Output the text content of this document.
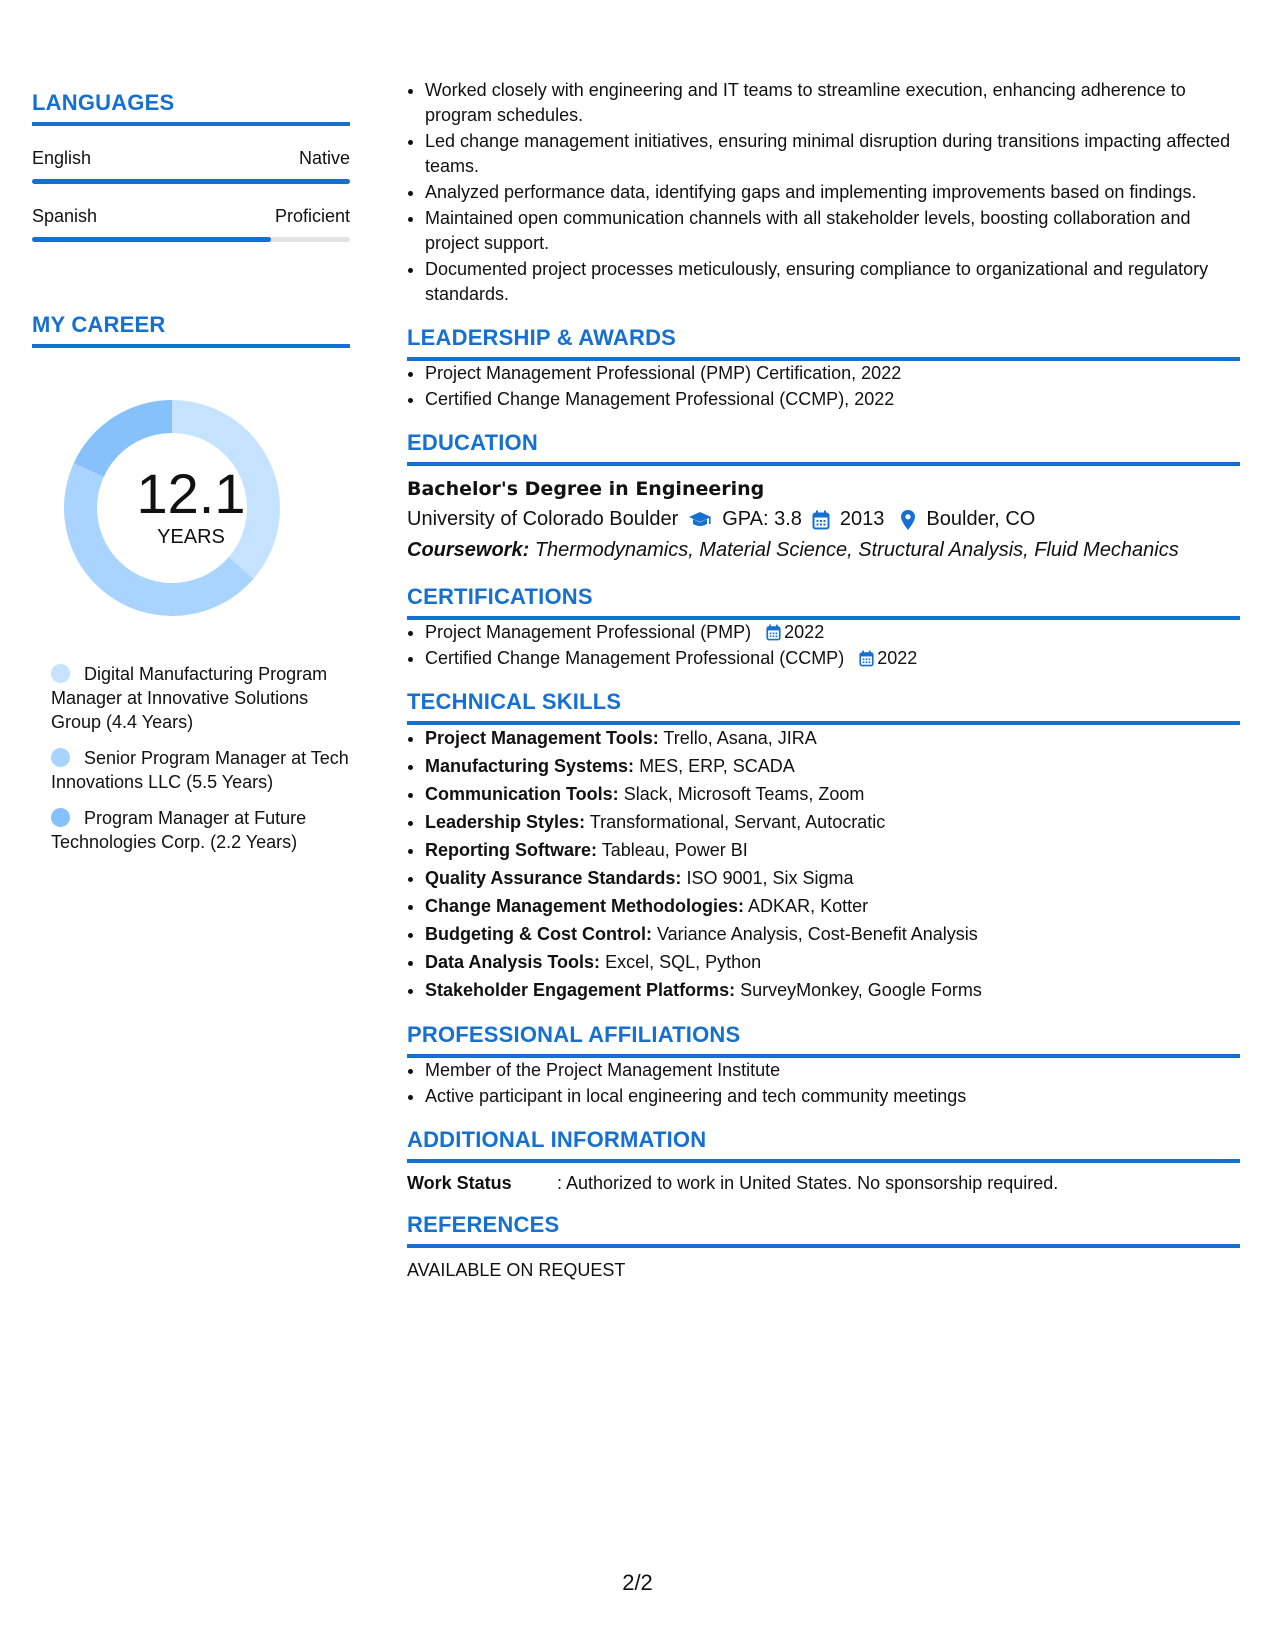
LANGUAGES
English	Native
Spanish	Proficient
MY CAREER
12.1
YEARS
Digital Manufacturing Program Manager at Innovative Solutions Group (4.4 Years)
Senior Program Manager at Tech Innovations LLC (5.5 Years)
Program Manager at Future Technologies Corp. (2.2 Years)
• Worked closely with engineering and IT teams to streamline execution, enhancing adherence to program schedules.
• Led change management initiatives, ensuring minimal disruption during transitions impacting affected teams.
• Analyzed performance data, identifying gaps and implementing improvements based on findings.
• Maintained open communication channels with all stakeholder levels, boosting collaboration and project support.
• Documented project processes meticulously, ensuring compliance to organizational and regulatory standards.
LEADERSHIP & AWARDS
• Project Management Professional (PMP) Certification, 2022
• Certified Change Management Professional (CCMP), 2022
EDUCATION
Bachelor's Degree in Engineering
University of Colorado Boulder GPA: 3.8 2013 Boulder, CO
Coursework: Thermodynamics, Material Science, Structural Analysis, Fluid Mechanics
CERTIFICATIONS
• Project Management Professional (PMP) 2022
• Certified Change Management Professional (CCMP) 2022
TECHNICAL SKILLS
• Project Management Tools: Trello, Asana, JIRA
• Manufacturing Systems: MES, ERP, SCADA
• Communication Tools: Slack, Microsoft Teams, Zoom
• Leadership Styles: Transformational, Servant, Autocratic
• Reporting Software: Tableau, Power BI
• Quality Assurance Standards: ISO 9001, Six Sigma
• Change Management Methodologies: ADKAR, Kotter
• Budgeting & Cost Control: Variance Analysis, Cost-Benefit Analysis
• Data Analysis Tools: Excel, SQL, Python
• Stakeholder Engagement Platforms: SurveyMonkey, Google Forms
PROFESSIONAL AFFILIATIONS
• Member of the Project Management Institute
• Active participant in local engineering and tech community meetings
ADDITIONAL INFORMATION
Work Status	: Authorized to work in United States. No sponsorship required.
REFERENCES
AVAILABLE ON REQUEST
2/2
